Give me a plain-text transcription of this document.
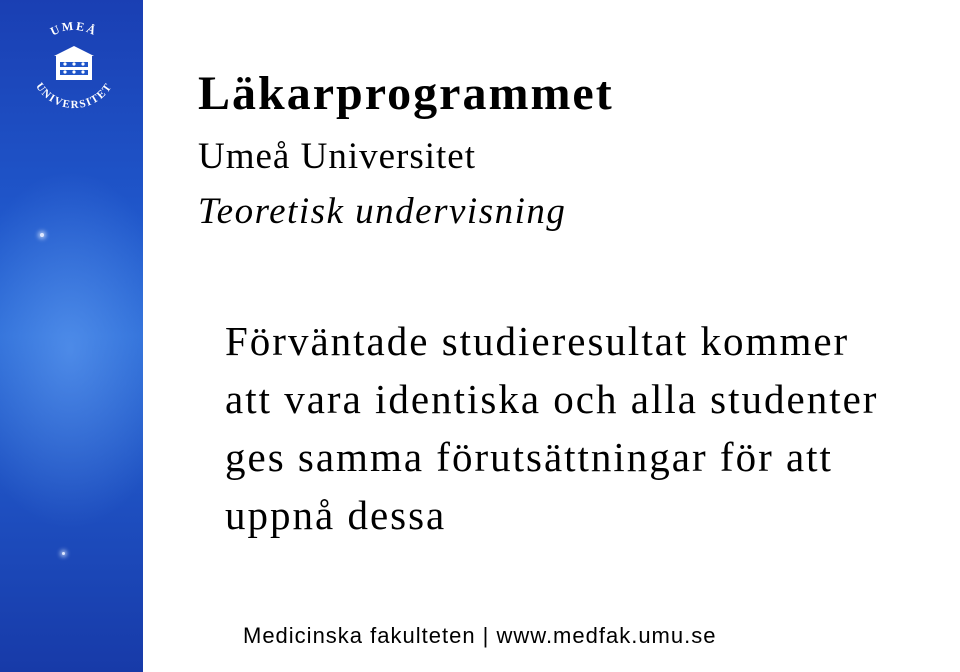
UMEÅ
UNIVERSITET Läkarprogrammet

Umeå Universitet

Teoretisk undervisning

Förväntade studieresultat kommer
att vara identiska och alla studenter
ges samma förutsättningar för att
uppnå dessa

Medicinska fakulteten | www.medfak.umu.se
